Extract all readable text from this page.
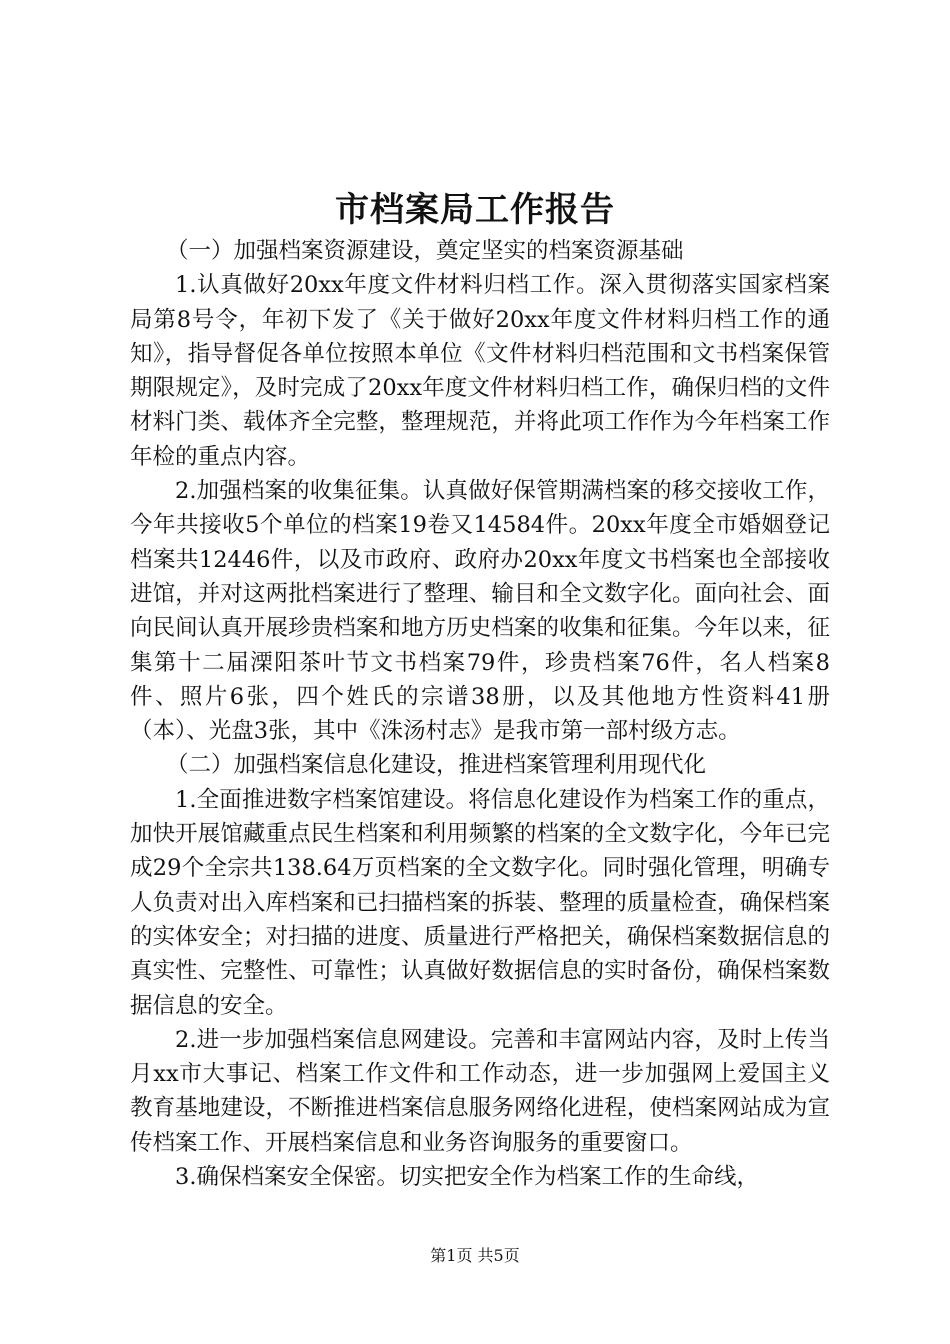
市档案局工作报告

（一）加强档案资源建设，奠定坚实的档案资源基础

1.认真做好20xx年度文件材料归档工作。深入贯彻落实国家档案局第8号令，年初下发了《关于做好20xx年度文件材料归档工作的通知》，指导督促各单位按照本单位《文件材料归档范围和文书档案保管期限规定》，及时完成了20xx年度文件材料归档工作，确保归档的文件材料门类、载体齐全完整，整理规范，并将此项工作作为今年档案工作年检的重点内容。

2.加强档案的收集征集。认真做好保管期满档案的移交接收工作，今年共接收5个单位的档案19卷又14584件。20xx年度全市婚姻登记档案共12446件，以及市政府、政府办20xx年度文书档案也全部接收进馆，并对这两批档案进行了整理、输目和全文数字化。面向社会、面向民间认真开展珍贵档案和地方历史档案的收集和征集。今年以来，征集第十二届溧阳茶叶节文书档案79件，珍贵档案76件，名人档案8件、照片6张，四个姓氏的宗谱38册，以及其他地方性资料41册（本）、光盘3张，其中《洙汤村志》是我市第一部村级方志。

（二）加强档案信息化建设，推进档案管理利用现代化

1.全面推进数字档案馆建设。将信息化建设作为档案工作的重点，加快开展馆藏重点民生档案和利用频繁的档案的全文数字化，今年已完成29个全宗共138.64万页档案的全文数字化。同时强化管理，明确专人负责对出入库档案和已扫描档案的拆装、整理的质量检查，确保档案的实体安全；对扫描的进度、质量进行严格把关，确保档案数据信息的真实性、完整性、可靠性；认真做好数据信息的实时备份，确保档案数据信息的安全。

2.进一步加强档案信息网建设。完善和丰富网站内容，及时上传当月xx市大事记、档案工作文件和工作动态，进一步加强网上爱国主义教育基地建设，不断推进档案信息服务网络化进程，使档案网站成为宣传档案工作、开展档案信息和业务咨询服务的重要窗口。

3.确保档案安全保密。切实把安全作为档案工作的生命线，

第1页 共5页
